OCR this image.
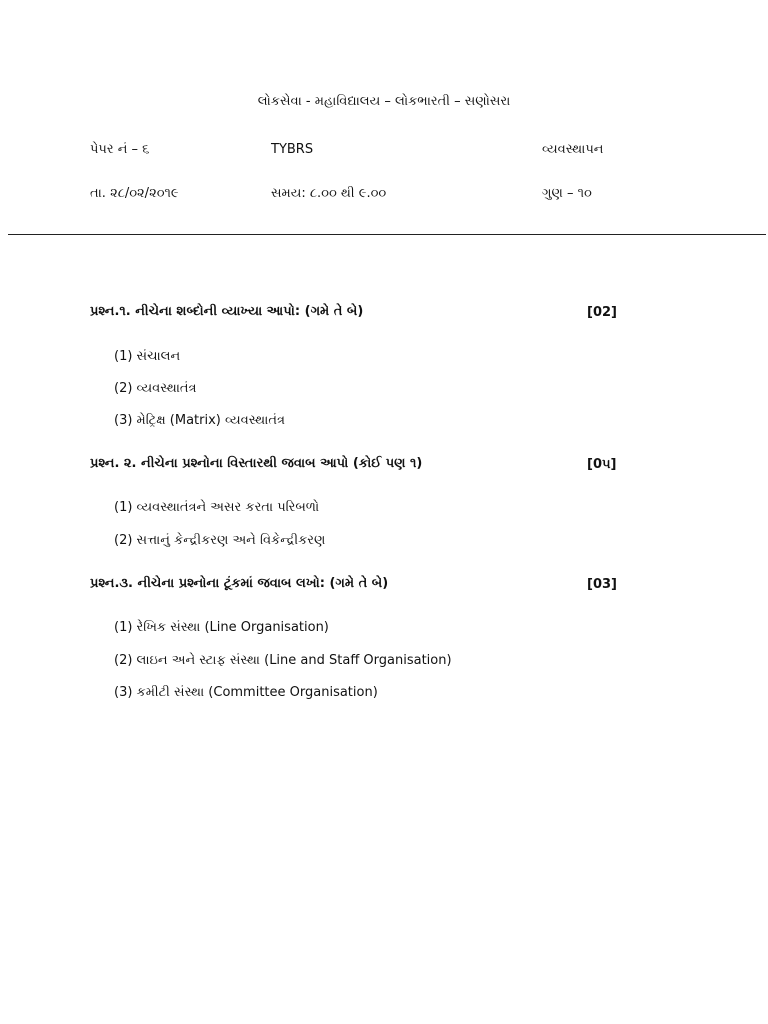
લોકસેવા - મહાવિદ્યાલય – લોકભારતી – સણોસરા
પેપર નં – ૬	TYBRS	વ્યવસ્થાપન
તા. ૨૮/૦૨/૨૦૧૯	સમય: ૮.૦૦ થી ૯.૦૦	ગુણ – ૧૦
પ્રશ્ન.૧. નીચેના શબ્દોની વ્યાખ્યા આપો: (ગમે તે બે)	[02]
(1) સંચાલન
(2) વ્યવસ્થાતંત્ર
(3) મેટ્રિક્ષ (Matrix) વ્યવસ્થાતંત્ર
પ્રશ્ન. ૨. નીચેના પ્રશ્નોના વિસ્તારથી જવાબ આપો (કોઈ પણ ૧)	[0૫]
(1) વ્યવસ્થાતંત્રને અસર કરતા પરિબળો
(2) સત્તાનું કેન્દ્રીકરણ અને વિકેન્દ્રીકરણ
પ્રશ્ન.૩. નીચેના પ્રશ્નોના ટૂંકમાં જવાબ લખો: (ગમે તે બે)	[03]
(1) રેખિક સંસ્થા (Line Organisation)
(2) લાઇન અને સ્ટાફ સંસ્થા (Line and Staff Organisation)
(3) કમીટી સંસ્થા (Committee Organisation)
